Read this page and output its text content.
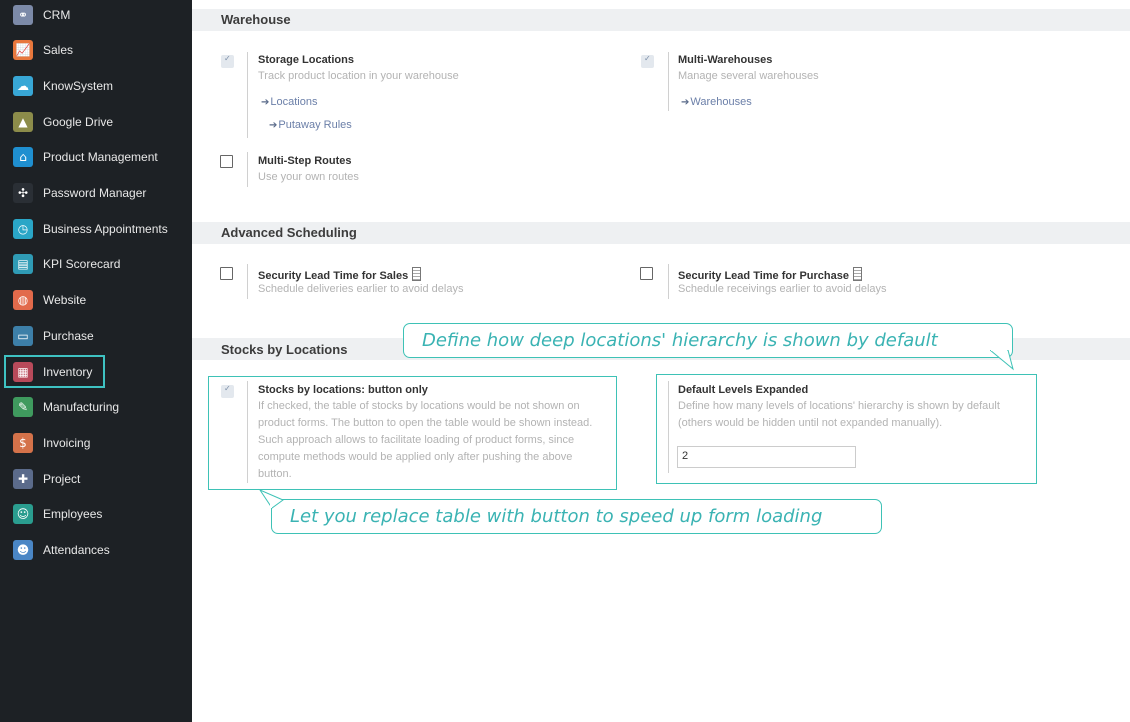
⚭	CRM
📈 Sales
☁	KnowSystem
▲	Google Drive
⌂	Product Management
✣	Password Manager
◷	Business Appointments
▤	KPI Scorecard
◍	Website
▭	Purchase
▦	Inventory
✎	Manufacturing
$	Invoicing
✚	Project
☺	Employees
☻	Attendances
Warehouse
✓
Storage Locations
Track product location in your warehouse
➔Locations
➔Putaway Rules
✓
Multi-Warehouses
Manage several warehouses
➔Warehouses
Multi-Step Routes
Use your own routes
Advanced Scheduling
Security Lead Time for Sales
Schedule deliveries earlier to avoid delays
Security Lead Time for Purchase
Schedule receivings earlier to avoid delays
Stocks by Locations
✓
Stocks by locations: button only
If checked, the table of stocks by locations would be not shown on
product forms. The button to open the table would be shown instead.
Such approach allows to facilitate loading of product forms, since
compute methods would be applied only after pushing the above
button.
Default Levels Expanded
Define how many levels of locations' hierarchy is shown by default
(others would be hidden until not expanded manually).
2
Define how deep locations' hierarchy is shown by default
Let you replace table with button to speed up form loading
